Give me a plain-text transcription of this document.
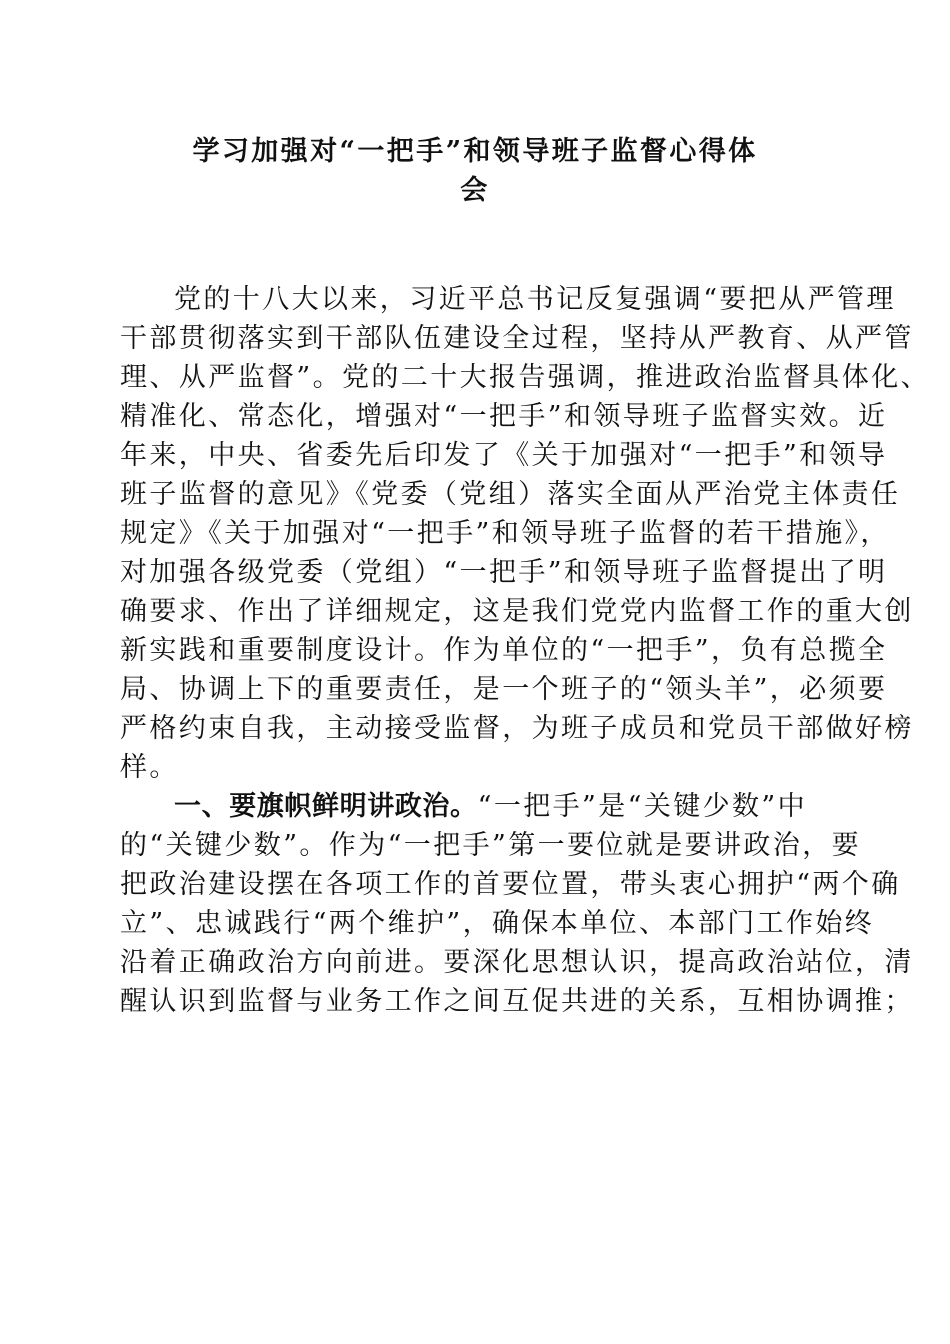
学习加强对“一把手”和领导班子监督心得体
会
党的十八大以来，习近平总书记反复强调“要把从严管理
干部贯彻落实到干部队伍建设全过程，坚持从严教育、从严管
理、从严监督”。党的二十大报告强调，推进政治监督具体化、
精准化、常态化，增强对“一把手”和领导班子监督实效。近
年来，中央、省委先后印发了《关于加强对“一把手”和领导
班子监督的意见》《党委（党组）落实全面从严治党主体责任
规定》《关于加强对“一把手”和领导班子监督的若干措施》，
对加强各级党委（党组）“一把手”和领导班子监督提出了明
确要求、作出了详细规定，这是我们党党内监督工作的重大创
新实践和重要制度设计。作为单位的“一把手”，负有总揽全
局、协调上下的重要责任，是一个班子的“领头羊”，必须要
严格约束自我，主动接受监督，为班子成员和党员干部做好榜
样。
一、要旗帜鲜明讲政治。“一把手”是“关键少数”中
的“关键少数”。作为“一把手”第一要位就是要讲政治，要
把政治建设摆在各项工作的首要位置，带头衷心拥护“两个确
立”、忠诚践行“两个维护”，确保本单位、本部门工作始终
沿着正确政治方向前进。要深化思想认识，提高政治站位，清
醒认识到监督与业务工作之间互促共进的关系，互相协调推；
